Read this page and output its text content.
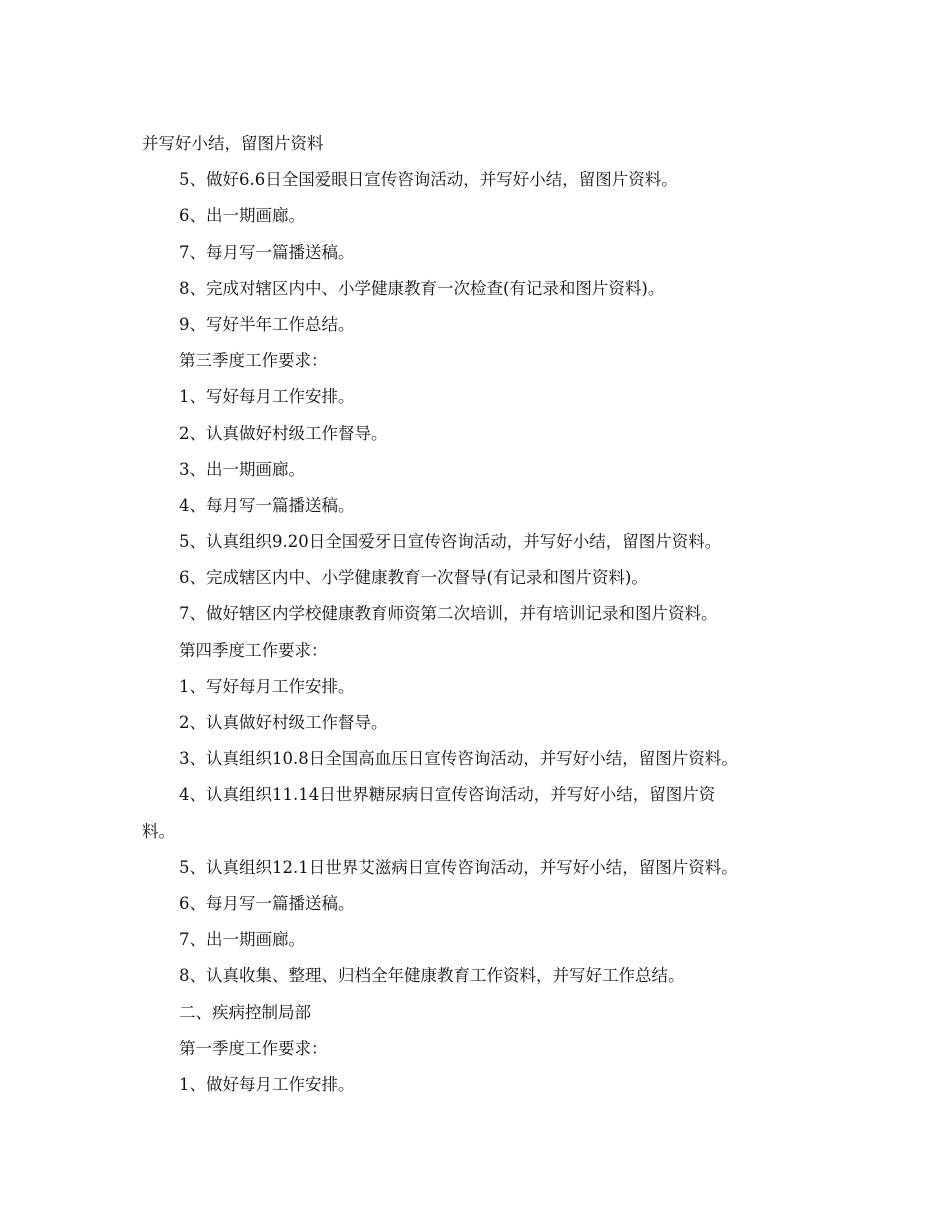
并写好小结，留图片资料

5、做好6.6日全国爱眼日宣传咨询活动，并写好小结，留图片资料。

6、出一期画廊。

7、每月写一篇播送稿。

8、完成对辖区内中、小学健康教育一次检查(有记录和图片资料)。

9、写好半年工作总结。

第三季度工作要求：

1、写好每月工作安排。

2、认真做好村级工作督导。

3、出一期画廊。

4、每月写一篇播送稿。

5、认真组织9.20日全国爱牙日宣传咨询活动，并写好小结，留图片资料。

6、完成辖区内中、小学健康教育一次督导(有记录和图片资料)。

7、做好辖区内学校健康教育师资第二次培训，并有培训记录和图片资料。

第四季度工作要求：

1、写好每月工作安排。

2、认真做好村级工作督导。

3、认真组织10.8日全国高血压日宣传咨询活动，并写好小结，留图片资料。

4、认真组织11.14日世界糖尿病日宣传咨询活动，并写好小结，留图片资

料。

5、认真组织12.1日世界艾滋病日宣传咨询活动，并写好小结，留图片资料。

6、每月写一篇播送稿。

7、出一期画廊。

8、认真收集、整理、归档全年健康教育工作资料，并写好工作总结。

二、疾病控制局部

第一季度工作要求：

1、做好每月工作安排。
